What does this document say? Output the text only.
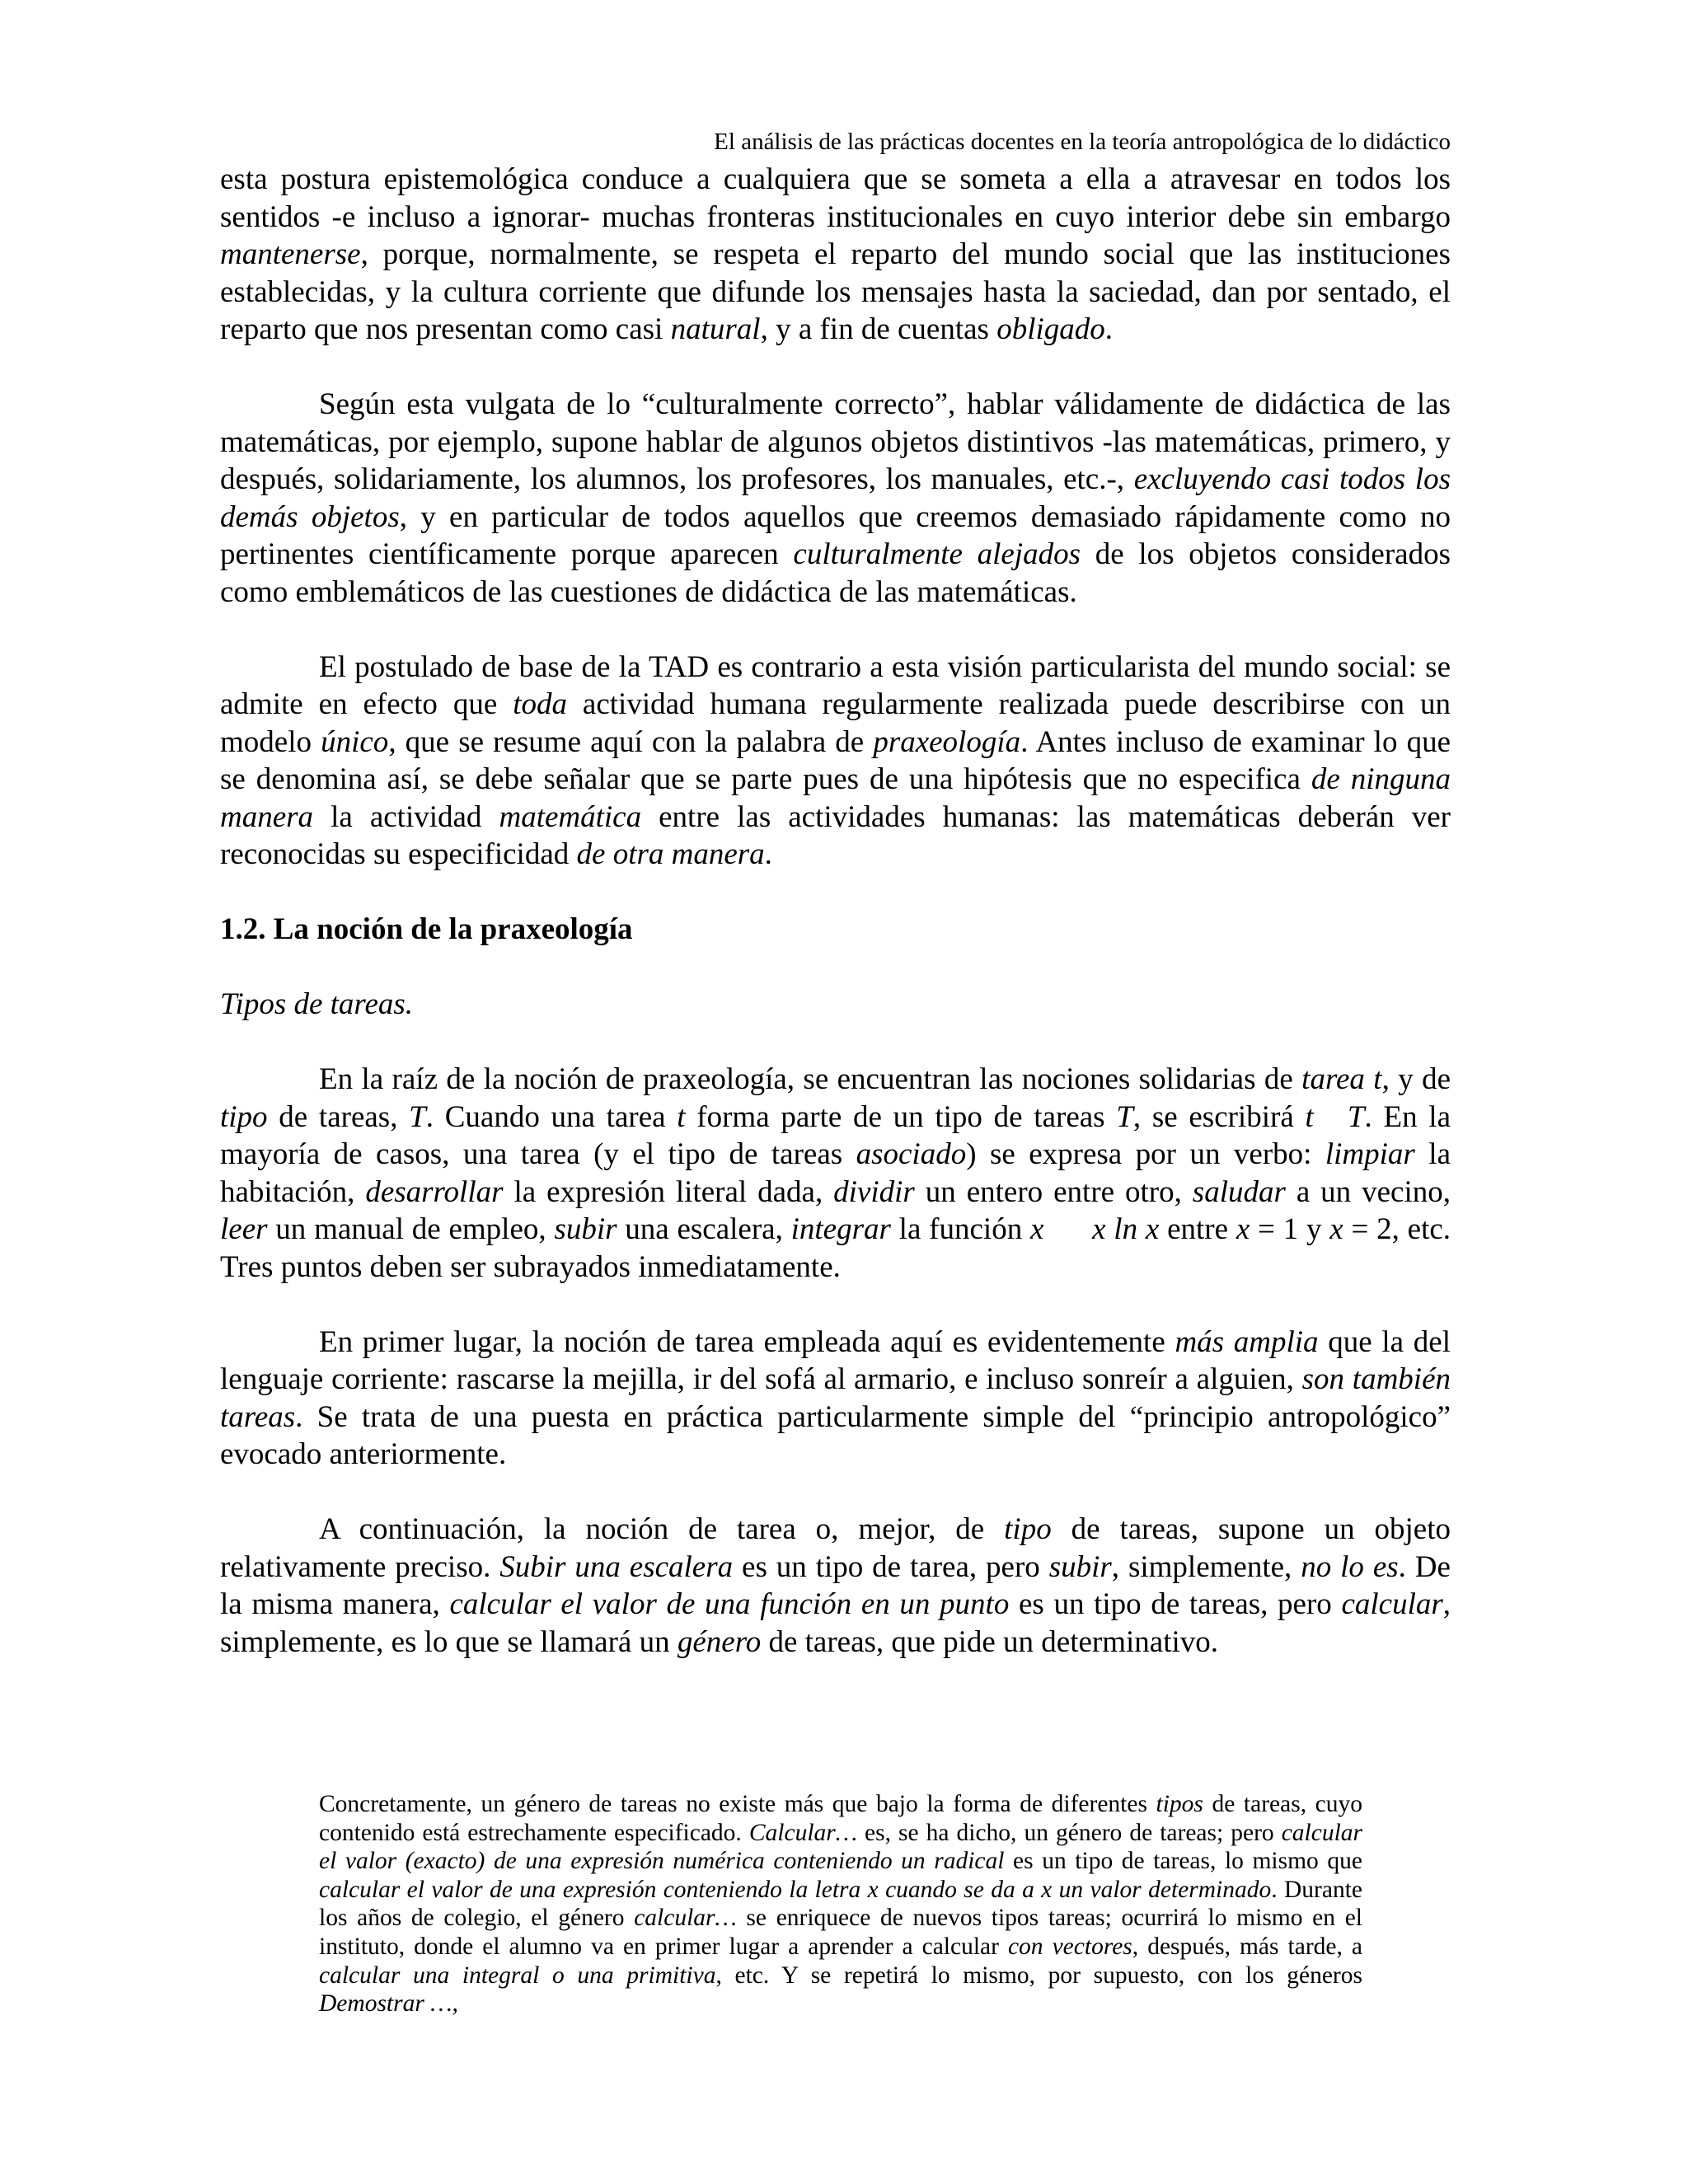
El análisis de las prácticas docentes en la teoría antropológica de lo didáctico

esta postura epistemológica conduce a cualquiera que se someta a ella a atravesar en todos los sentidos -e incluso a ignorar- muchas fronteras institucionales en cuyo interior debe sin embargo mantenerse, porque, normalmente, se respeta el reparto del mundo social que las instituciones establecidas, y la cultura corriente que difunde los mensajes hasta la saciedad, dan por sentado, el reparto que nos presentan como casi natural, y a fin de cuentas obligado.

Según esta vulgata de lo “culturalmente correcto”, hablar válidamente de didáctica de las matemáticas, por ejemplo, supone hablar de algunos objetos distintivos -las matemáticas, primero, y después, solidariamente, los alumnos, los profesores, los manuales, etc.-, excluyendo casi todos los demás objetos, y en particular de todos aquellos que creemos demasiado rápidamente como no pertinentes científicamente porque aparecen culturalmente alejados de los objetos considerados como emblemáticos de las cuestiones de didáctica de las matemáticas.

El postulado de base de la TAD es contrario a esta visión particularista del mundo social: se admite en efecto que toda actividad humana regularmente realizada puede describirse con un modelo único, que se resume aquí con la palabra de praxeología. Antes incluso de examinar lo que se denomina así, se debe señalar que se parte pues de una hipótesis que no especifica de ninguna manera la actividad matemática entre las actividades humanas: las matemáticas deberán ver reconocidas su especificidad de otra manera.

1.2. La noción de la praxeología

Tipos de tareas.

En la raíz de la noción de praxeología, se encuentran las nociones solidarias de tarea t, y de tipo de tareas, T. Cuando una tarea t forma parte de un tipo de tareas T, se escribirá t T. En la mayoría de casos, una tarea (y el tipo de tareas asociado) se expresa por un verbo: limpiar la habitación, desarrollar la expresión literal dada, dividir un entero entre otro, saludar a un vecino, leer un manual de empleo, subir una escalera, integrar la función x x ln x entre x = 1 y x = 2, etc. Tres puntos deben ser subrayados inmediatamente.

En primer lugar, la noción de tarea empleada aquí es evidentemente más amplia que la del lenguaje corriente: rascarse la mejilla, ir del sofá al armario, e incluso sonreír a alguien, son también tareas. Se trata de una puesta en práctica particularmente simple del “principio antropológico” evocado anteriormente.

A continuación, la noción de tarea o, mejor, de tipo de tareas, supone un objeto relativamente preciso. Subir una escalera es un tipo de tarea, pero subir, simplemente, no lo es. De la misma manera, calcular el valor de una función en un punto es un tipo de tareas, pero calcular, simplemente, es lo que se llamará un género de tareas, que pide un determinativo.

Concretamente, un género de tareas no existe más que bajo la forma de diferentes tipos de tareas, cuyo contenido está estrechamente especificado. Calcular… es, se ha dicho, un género de tareas; pero calcular el valor (exacto) de una expresión numérica conteniendo un radical es un tipo de tareas, lo mismo que calcular el valor de una expresión conteniendo la letra x cuando se da a x un valor determinado. Durante los años de colegio, el género calcular… se enriquece de nuevos tipos tareas; ocurrirá lo mismo en el instituto, donde el alumno va en primer lugar a aprender a calcular con vectores, después, más tarde, a calcular una integral o una primitiva, etc. Y se repetirá lo mismo, por supuesto, con los géneros Demostrar …,
